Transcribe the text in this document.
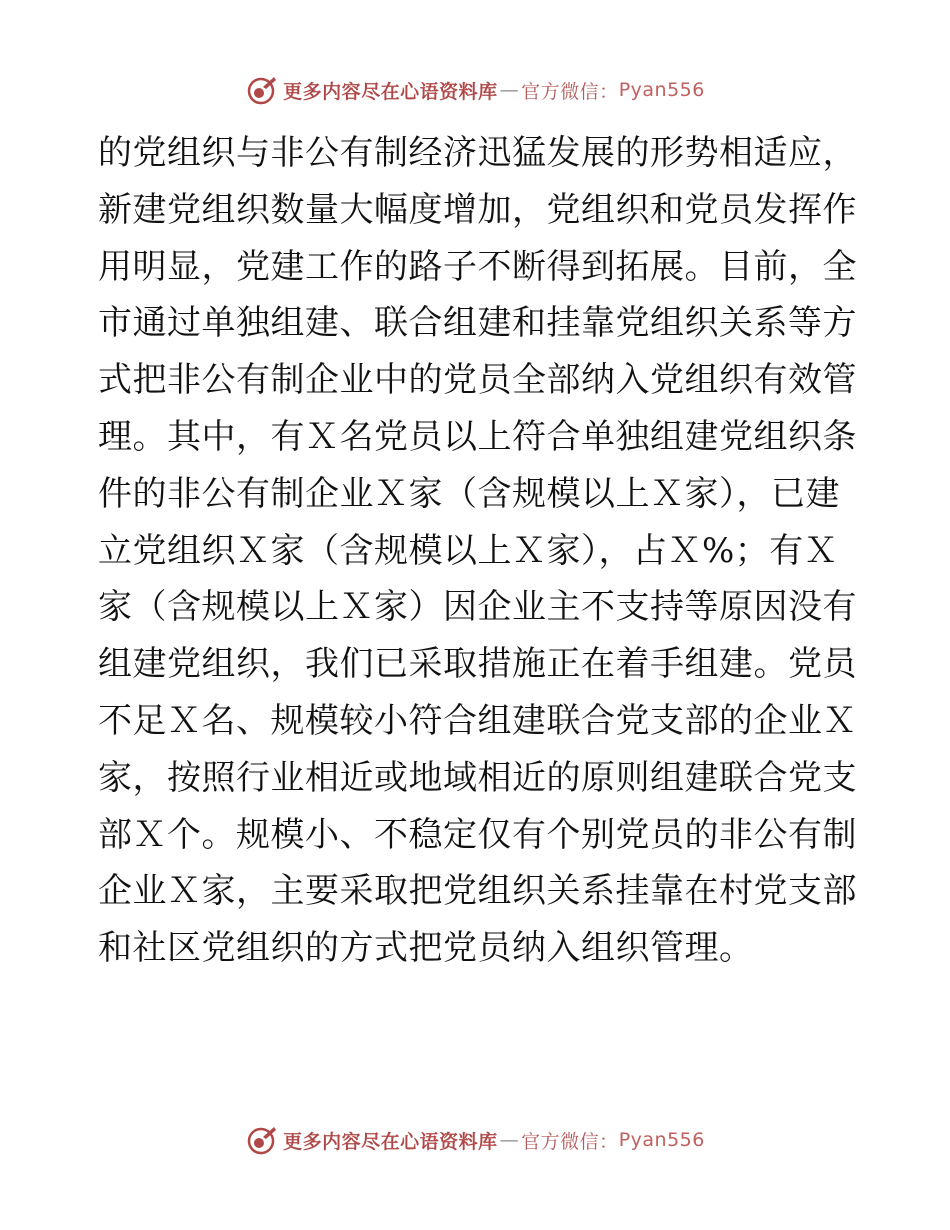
更多内容尽在心语资料库 — 官方微信： Pyan556
的党组织与非公有制经济迅猛发展的形势相适应，
新建党组织数量大幅度增加，党组织和党员发挥作
用明显，党建工作的路子不断得到拓展。目前，全
市通过单独组建、联合组建和挂靠党组织关系等方
式把非公有制企业中的党员全部纳入党组织有效管
理。其中，有Ｘ名党员以上符合单独组建党组织条
件的非公有制企业Ｘ家（含规模以上Ｘ家），已建
立党组织Ｘ家（含规模以上Ｘ家），占Ｘ%；有Ｘ
家（含规模以上Ｘ家）因企业主不支持等原因没有
组建党组织，我们已采取措施正在着手组建。党员
不足Ｘ名、规模较小符合组建联合党支部的企业Ｘ
家，按照行业相近或地域相近的原则组建联合党支
部Ｘ个。规模小、不稳定仅有个别党员的非公有制
企业Ｘ家，主要采取把党组织关系挂靠在村党支部
和社区党组织的方式把党员纳入组织管理。
更多内容尽在心语资料库 — 官方微信： Pyan556
